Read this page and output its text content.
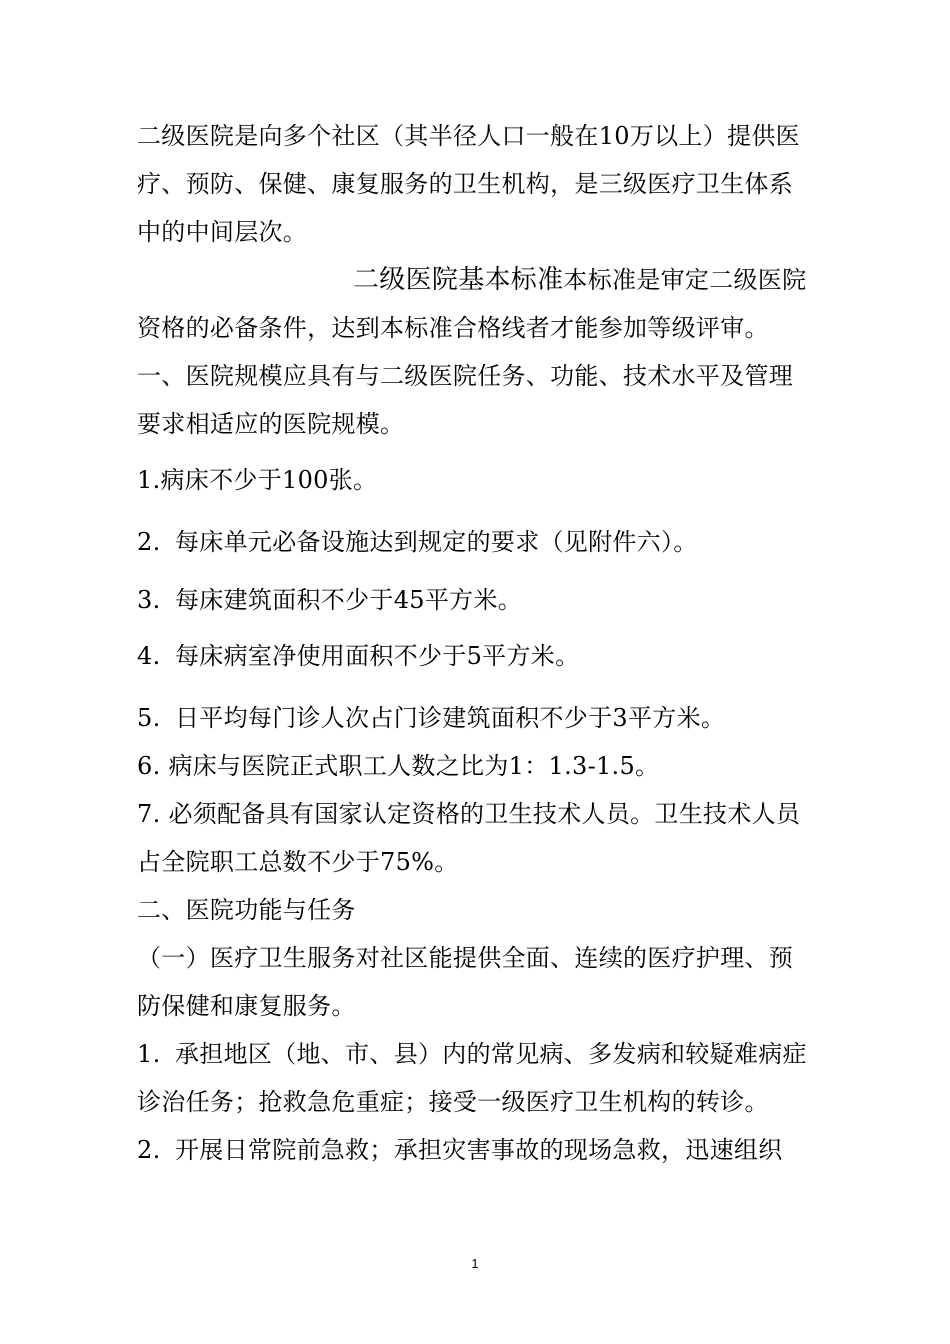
二级医院是向多个社区（其半径人口一般在10万以上）提供医疗、预防、保健、康复服务的卫生机构，是三级医疗卫生体系中的中间层次。

二级医院基本标准本标准是审定二级医院资格的必备条件，达到本标准合格线者才能参加等级评审。

一、医院规模应具有与二级医院任务、功能、技术水平及管理要求相适应的医院规模。

1.病床不少于100张。

2. 每床单元必备设施达到规定的要求（见附件六）。

3. 每床建筑面积不少于45平方米。

4. 每床病室净使用面积不少于5平方米。

5. 日平均每门诊人次占门诊建筑面积不少于3平方米。

6. 病床与医院正式职工人数之比为1：1.3-1.5。

7. 必须配备具有国家认定资格的卫生技术人员。卫生技术人员占全院职工总数不少于75%。

二、医院功能与任务

（一）医疗卫生服务对社区能提供全面、连续的医疗护理、预防保健和康复服务。

1. 承担地区（地、市、县）内的常见病、多发病和较疑难病症诊治任务；抢救急危重症；接受一级医疗卫生机构的转诊。

2. 开展日常院前急救；承担灾害事故的现场急救，迅速组织

1
